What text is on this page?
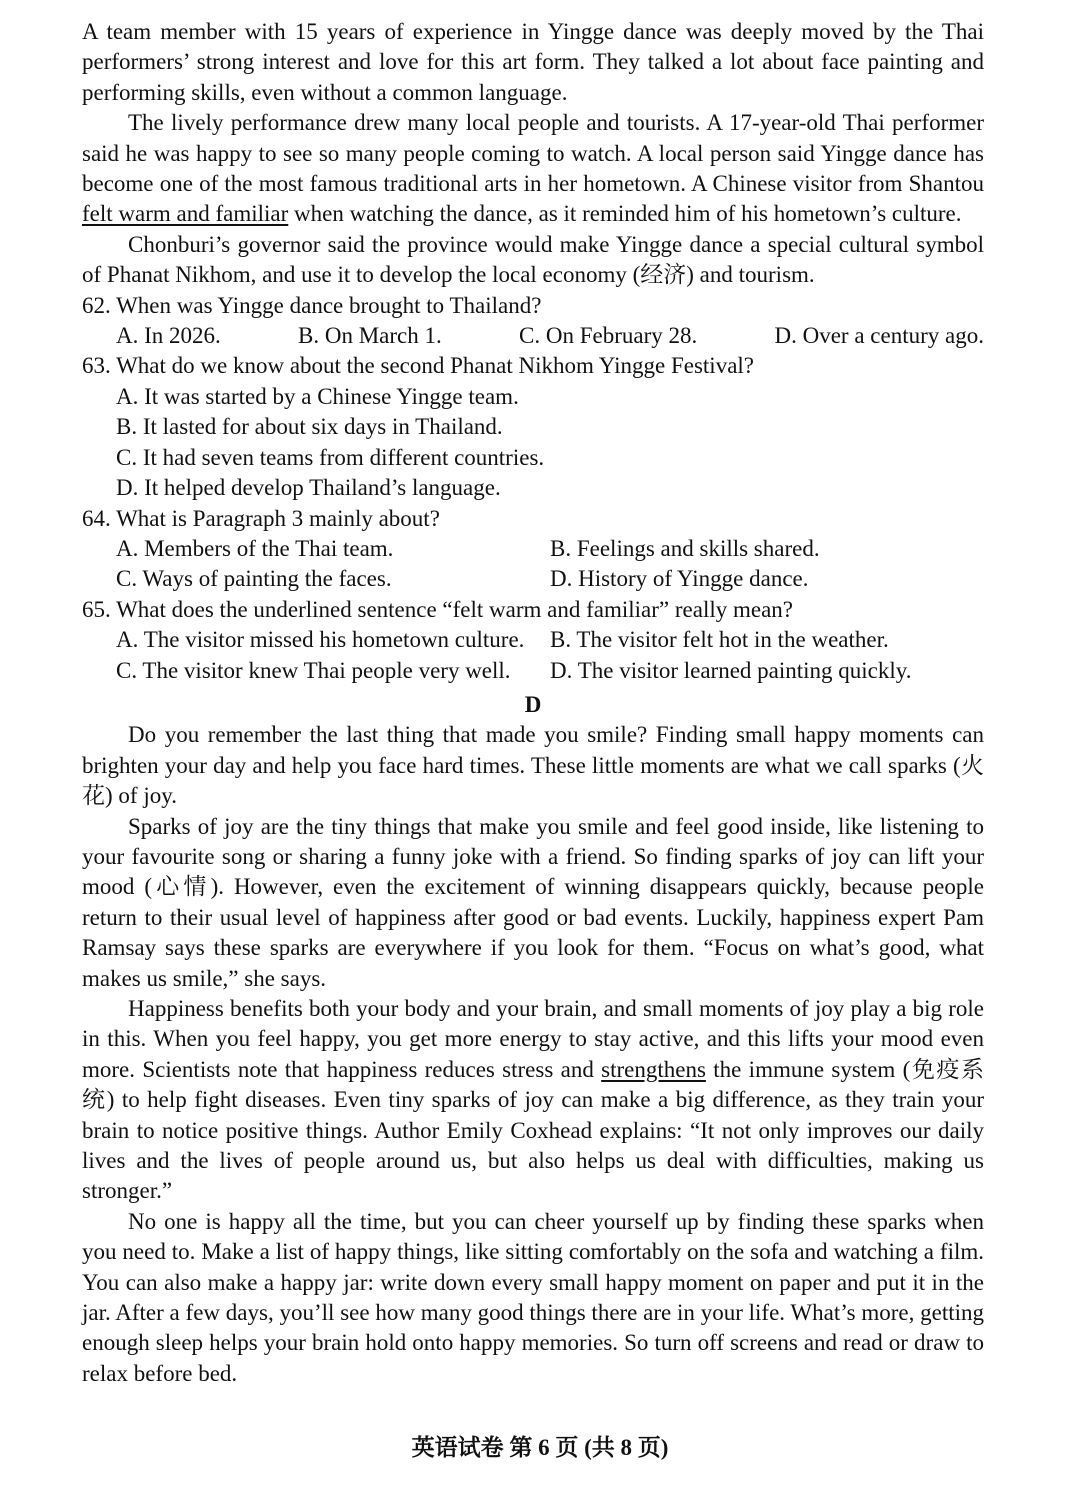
A team member with 15 years of experience in Yingge dance was deeply moved by the Thai performers’ strong interest and love for this art form. They talked a lot about face painting and performing skills, even without a common language.

The lively performance drew many local people and tourists. A 17-year-old Thai performer said he was happy to see so many people coming to watch. A local person said Yingge dance has become one of the most famous traditional arts in her hometown. A Chinese visitor from Shantou felt warm and familiar when watching the dance, as it reminded him of his hometown’s culture.

Chonburi’s governor said the province would make Yingge dance a special cultural symbol of Phanat Nikhom, and use it to develop the local economy (经济) and tourism.

62. When was Yingge dance brought to Thailand?
A. In 2026.	B. On March 1.	C. On February 28.	D. Over a century ago.
63. What do we know about the second Phanat Nikhom Yingge Festival?
A. It was started by a Chinese Yingge team.
B. It lasted for about six days in Thailand.
C. It had seven teams from different countries.
D. It helped develop Thailand’s language.
64. What is Paragraph 3 mainly about?
A. Members of the Thai team.	B. Feelings and skills shared.
C. Ways of painting the faces.	D. History of Yingge dance.
65. What does the underlined sentence “felt warm and familiar” really mean?
A. The visitor missed his hometown culture.	B. The visitor felt hot in the weather.
C. The visitor knew Thai people very well.	D. The visitor learned painting quickly.
D

Do you remember the last thing that made you smile? Finding small happy moments can brighten your day and help you face hard times. These little moments are what we call sparks (火花) of joy.

Sparks of joy are the tiny things that make you smile and feel good inside, like listening to your favourite song or sharing a funny joke with a friend. So finding sparks of joy can lift your mood (心情). However, even the excitement of winning disappears quickly, because people return to their usual level of happiness after good or bad events. Luckily, happiness expert Pam Ramsay says these sparks are everywhere if you look for them. “Focus on what’s good, what makes us smile,” she says.

Happiness benefits both your body and your brain, and small moments of joy play a big role in this. When you feel happy, you get more energy to stay active, and this lifts your mood even more. Scientists note that happiness reduces stress and strengthens the immune system (免疫系统) to help fight diseases. Even tiny sparks of joy can make a big difference, as they train your brain to notice positive things. Author Emily Coxhead explains: “It not only improves our daily lives and the lives of people around us, but also helps us deal with difficulties, making us stronger.”

No one is happy all the time, but you can cheer yourself up by finding these sparks when you need to. Make a list of happy things, like sitting comfortably on the sofa and watching a film. You can also make a happy jar: write down every small happy moment on paper and put it in the jar. After a few days, you’ll see how many good things there are in your life. What’s more, getting enough sleep helps your brain hold onto happy memories. So turn off screens and read or draw to relax before bed.

英语试卷 第 6 页 (共 8 页)
